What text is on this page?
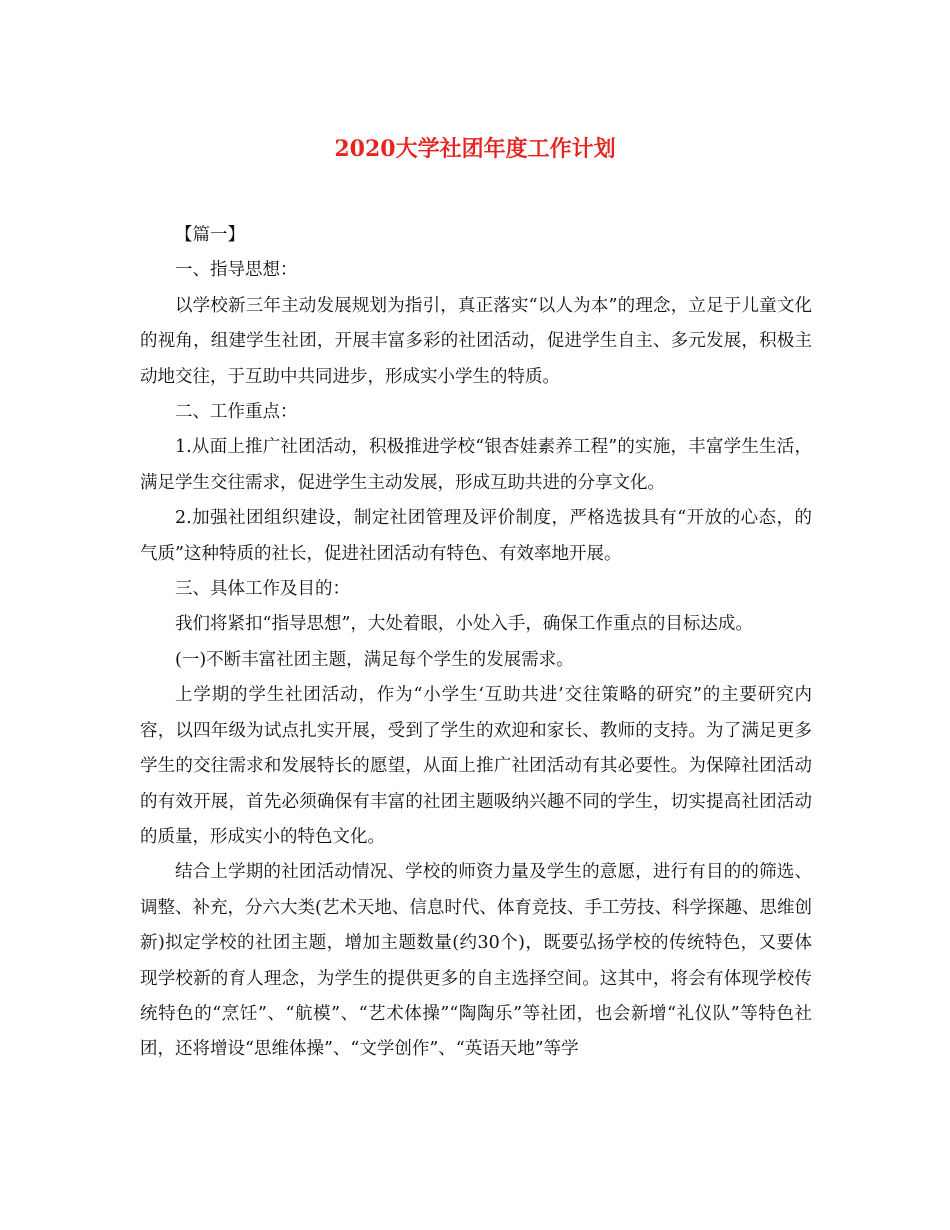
2020大学社团年度工作计划

【篇一】

一、指导思想：

以学校新三年主动发展规划为指引，真正落实“以人为本”的理念，立足于儿童文化的视角，组建学生社团，开展丰富多彩的社团活动，促进学生自主、多元发展，积极主动地交往，于互助中共同进步，形成实小学生的特质。

二、工作重点：

1.从面上推广社团活动，积极推进学校“银杏娃素养工程”的实施，丰富学生生活，满足学生交往需求，促进学生主动发展，形成互助共进的分享文化。

2.加强社团组织建设，制定社团管理及评价制度，严格选拔具有“开放的心态，的气质”这种特质的社长，促进社团活动有特色、有效率地开展。

三、具体工作及目的：

我们将紧扣“指导思想”，大处着眼，小处入手，确保工作重点的目标达成。

(一)不断丰富社团主题，满足每个学生的发展需求。

上学期的学生社团活动，作为“小学生‘互助共进’交往策略的研究”的主要研究内容，以四年级为试点扎实开展，受到了学生的欢迎和家长、教师的支持。为了满足更多学生的交往需求和发展特长的愿望，从面上推广社团活动有其必要性。为保障社团活动的有效开展，首先必须确保有丰富的社团主题吸纳兴趣不同的学生，切实提高社团活动的质量，形成实小的特色文化。

结合上学期的社团活动情况、学校的师资力量及学生的意愿，进行有目的的筛选、调整、补充，分六大类(艺术天地、信息时代、体育竞技、手工劳技、科学探趣、思维创新)拟定学校的社团主题，增加主题数量(约30个)，既要弘扬学校的传统特色，又要体现学校新的育人理念，为学生的提供更多的自主选择空间。这其中，将会有体现学校传统特色的“烹饪”、“航模”、“艺术体操”“陶陶乐”等社团，也会新增“礼仪队”等特色社团，还将增设“思维体操”、“文学创作”、“英语天地”等学
